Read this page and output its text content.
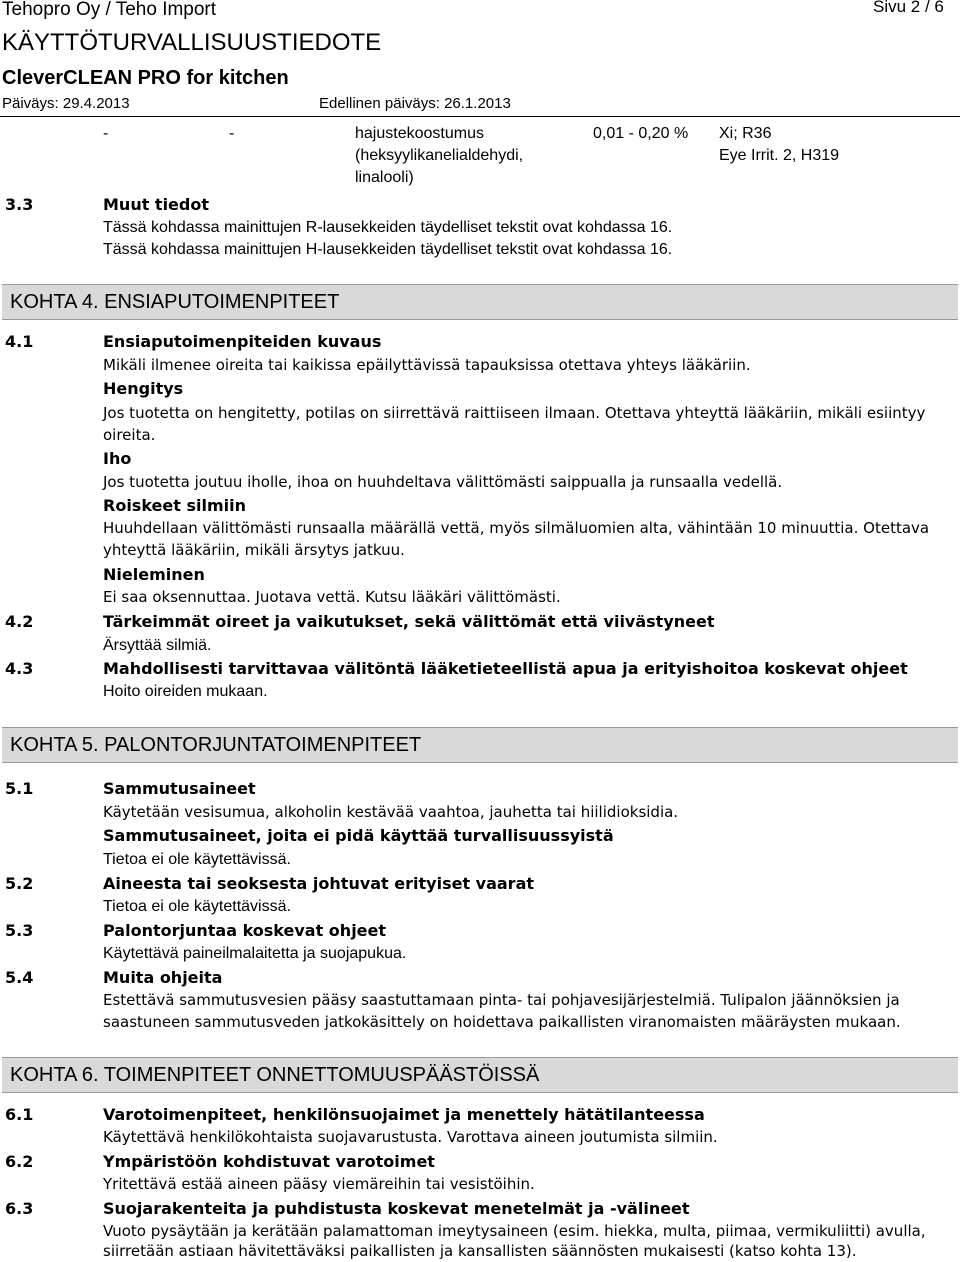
Tehopro Oy / Teho Import	Sivu 2 / 6
KÄYTTÖTURVALLISUUSTIEDOTE
CleverCLEAN PRO for kitchen
Päiväys: 29.4.2013	Edellinen päiväys: 26.1.2013
-	-	hajustekoostumus
(heksyylikanelialdehydi,
linalooli)
0,01 - 0,20 % Xi; R36
Eye Irrit. 2, H319
3.3	Muut tiedot
Tässä kohdassa mainittujen R-lausekkeiden täydelliset tekstit ovat kohdassa 16.
Tässä kohdassa mainittujen H-lausekkeiden täydelliset tekstit ovat kohdassa 16.
KOHTA 4. ENSIAPUTOIMENPITEET
4.1	Ensiaputoimenpiteiden kuvaus
Mikäli ilmenee oireita tai kaikissa epäilyttävissä tapauksissa otettava yhteys lääkäriin.
Hengitys
Jos tuotetta on hengitetty, potilas on siirrettävä raittiiseen ilmaan. Otettava yhteyttä lääkäriin, mikäli esiintyy
oireita.
Iho
Jos tuotetta joutuu iholle, ihoa on huuhdeltava välittömästi saippualla ja runsaalla vedellä.
Roiskeet silmiin
Huuhdellaan välittömästi runsaalla määrällä vettä, myös silmäluomien alta, vähintään 10 minuuttia. Otettava
yhteyttä lääkäriin, mikäli ärsytys jatkuu.
Nieleminen
Ei saa oksennuttaa. Juotava vettä. Kutsu lääkäri välittömästi.
4.2	Tärkeimmät oireet ja vaikutukset, sekä välittömät että viivästyneet
Ärsyttää silmiä.
4.3	Mahdollisesti tarvittavaa välitöntä lääketieteellistä apua ja erityishoitoa koskevat ohjeet
Hoito oireiden mukaan.
KOHTA 5. PALONTORJUNTATOIMENPITEET
5.1	Sammutusaineet
Käytetään vesisumua, alkoholin kestävää vaahtoa, jauhetta tai hiilidioksidia.
Sammutusaineet, joita ei pidä käyttää turvallisuussyistä
Tietoa ei ole käytettävissä.
5.2	Aineesta tai seoksesta johtuvat erityiset vaarat
Tietoa ei ole käytettävissä.
5.3	Palontorjuntaa koskevat ohjeet
Käytettävä paineilmalaitetta ja suojapukua.
5.4	Muita ohjeita
Estettävä sammutusvesien pääsy saastuttamaan pinta- tai pohjavesijärjestelmiä. Tulipalon jäännöksien ja
saastuneen sammutusveden jatkokäsittely on hoidettava paikallisten viranomaisten määräysten mukaan.
KOHTA 6. TOIMENPITEET ONNETTOMUUSPÄÄSTÖISSÄ
6.1	Varotoimenpiteet, henkilönsuojaimet ja menettely hätätilanteessa
Käytettävä henkilökohtaista suojavarustusta. Varottava aineen joutumista silmiin.
6.2	Ympäristöön kohdistuvat varotoimet
Yritettävä estää aineen pääsy viemäreihin tai vesistöihin.
6.3	Suojarakenteita ja puhdistusta koskevat menetelmät ja -välineet
Vuoto pysäytään ja kerätään palamattoman imeytysaineen (esim. hiekka, multa, piimaa, vermikuliitti) avulla,
siirretään astiaan hävitettäväksi paikallisten ja kansallisten säännösten mukaisesti (katso kohta 13).
